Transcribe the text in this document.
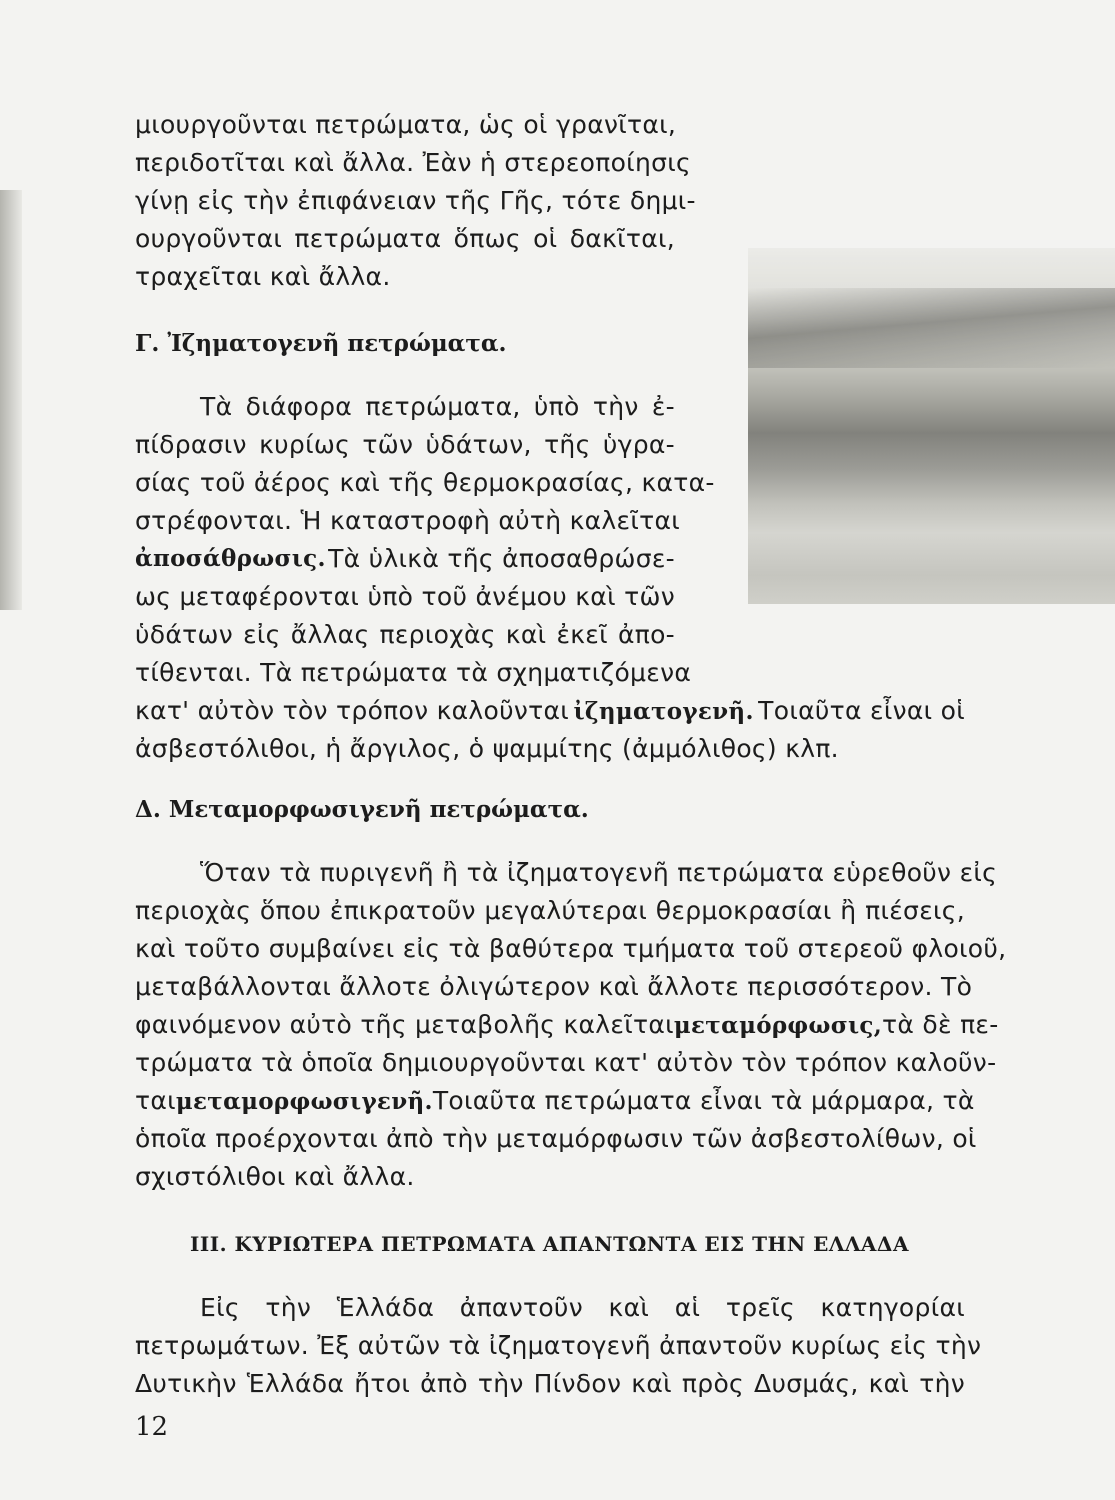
μιουργοῦνται πετρώματα, ὡς οἱ γρανῖται,
περιδοτῖται καὶ ἄλλα. Ἐὰν ἡ στερεοποίησις
γίνῃ εἰς τὴν ἐπιφάνειαν τῆς Γῆς, τότε δημι-
ουργοῦνται πετρώματα ὅπως οἱ δακῖται,
τραχεῖται καὶ ἄλλα.
Γ. Ἰζηματογενῆ πετρώματα.
Τὰ διάφορα πετρώματα, ὑπὸ τὴν ἐ-
πίδρασιν κυρίως τῶν ὑδάτων, τῆς ὑγρα-
σίας τοῦ ἀέρος καὶ τῆς θερμοκρασίας, κατα-
στρέφονται. Ἡ καταστροφὴ αὐτὴ καλεῖται
ἀποσάθρωσις. Τὰ ὑλικὰ τῆς ἀποσαθρώσε-
ως μεταφέρονται ὑπὸ τοῦ ἀνέμου καὶ τῶν
ὑδάτων εἰς ἄλλας περιοχὰς καὶ ἐκεῖ ἀπο-
τίθενται. Τὰ πετρώματα τὰ σχηματιζόμενα
κατ' αὐτὸν τὸν τρόπον καλοῦνται ἰζηματογενῆ. Τοιαῦτα εἶναι οἱ
ἀσβεστόλιθοι, ἡ ἄργιλος, ὁ ψαμμίτης (ἀμμόλιθος) κλπ.
Δ. Μεταμορφωσιγενῆ πετρώματα.
Ὅταν τὰ πυριγενῆ ἢ τὰ ἰζηματογενῆ πετρώματα εὑρεθοῦν εἰς
περιοχὰς ὅπου ἐπικρατοῦν μεγαλύτεραι θερμοκρασίαι ἢ πιέσεις,
καὶ τοῦτο συμβαίνει εἰς τὰ βαθύτερα τμήματα τοῦ στερεοῦ φλοιοῦ,
μεταβάλλονται ἄλλοτε ὀλιγώτερον καὶ ἄλλοτε περισσότερον. Τὸ
φαινόμενον αὐτὸ τῆς μεταβολῆς καλεῖται μεταμόρφωσις, τὰ δὲ πε-
τρώματα τὰ ὁποῖα δημιουργοῦνται κατ' αὐτὸν τὸν τρόπον καλοῦν-
ται μεταμορφωσιγενῆ. Τοιαῦτα πετρώματα εἶναι τὰ μάρμαρα, τὰ
ὁποῖα προέρχονται ἀπὸ τὴν μεταμόρφωσιν τῶν ἀσβεστολίθων, οἱ
σχιστόλιθοι καὶ ἄλλα.
III. ΚΥΡΙΩΤΕΡΑ ΠΕΤΡΩΜΑΤΑ ΑΠΑΝΤΩΝΤΑ ΕΙΣ ΤΗΝ ΕΛΛΑΔΑ
Εἰς τὴν Ἑλλάδα ἀπαντοῦν καὶ αἱ τρεῖς κατηγορίαι
πετρωμάτων. Ἐξ αὐτῶν τὰ ἰζηματογενῆ ἀπαντοῦν κυρίως εἰς τὴν
Δυτικὴν Ἑλλάδα ἤτοι ἀπὸ τὴν Πίνδον καὶ πρὸς Δυσμάς, καὶ τὴν
12
